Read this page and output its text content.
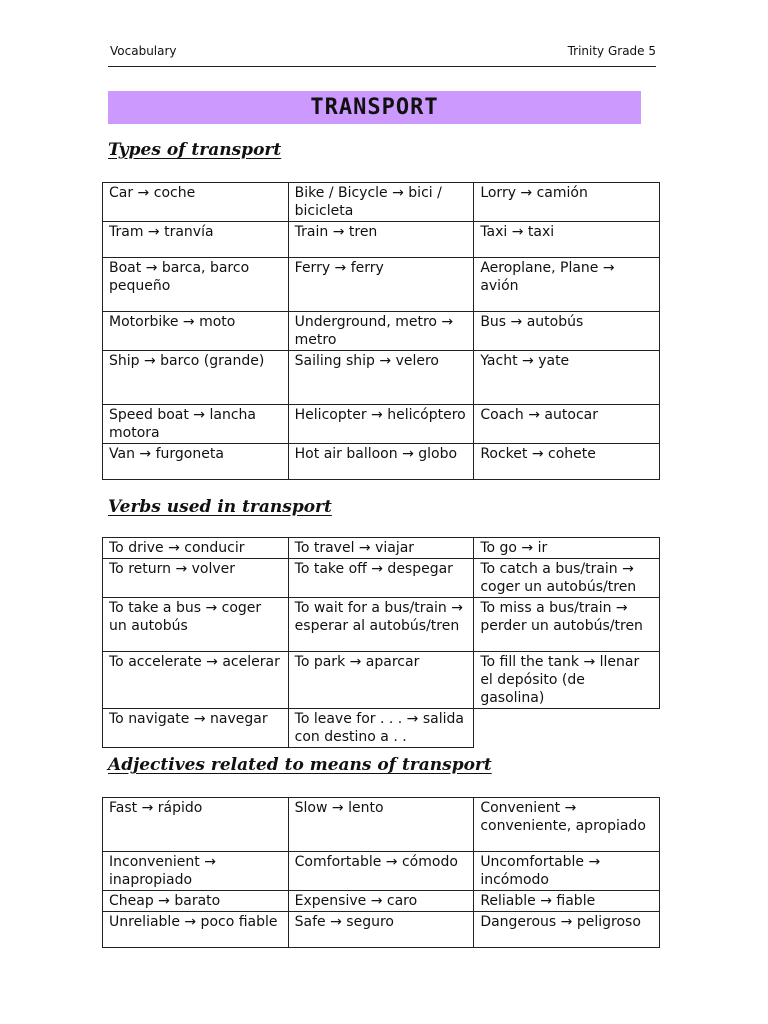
Vocabulary	Trinity Grade 5
TRANSPORT
Types of transport
Car → coche	Bike / Bicycle → bici / bicicleta	Lorry → camión
Tram → tranvía	Train → tren	Taxi → taxi
Boat → barca, barco pequeño	Ferry → ferry	Aeroplane, Plane → avión
Motorbike → moto	Underground, metro → metro	Bus → autobús
Ship → barco (grande)	Sailing ship → velero	Yacht → yate
Speed boat → lancha motora	Helicopter → helicóptero	Coach → autocar
Van → furgoneta	Hot air balloon → globo	Rocket → cohete
Verbs used in transport
To drive → conducir	To travel → viajar	To go → ir
To return → volver	To take off → despegar	To catch a bus/train → coger un autobús/tren
To take a bus → coger un autobús	To wait for a bus/train → esperar al autobús/tren	To miss a bus/train → perder un autobús/tren
To accelerate → acelerar	To park → aparcar	To fill the tank → llenar el depósito (de gasolina)
To navigate → navegar	To leave for . . . → salida con destino a . .	
Adjectives related to means of transport
Fast → rápido	Slow → lento	Convenient → conveniente, apropiado
Inconvenient → inapropiado	Comfortable → cómodo	Uncomfortable → incómodo
Cheap → barato	Expensive → caro	Reliable → fiable
Unreliable → poco fiable	Safe → seguro	Dangerous → peligroso
